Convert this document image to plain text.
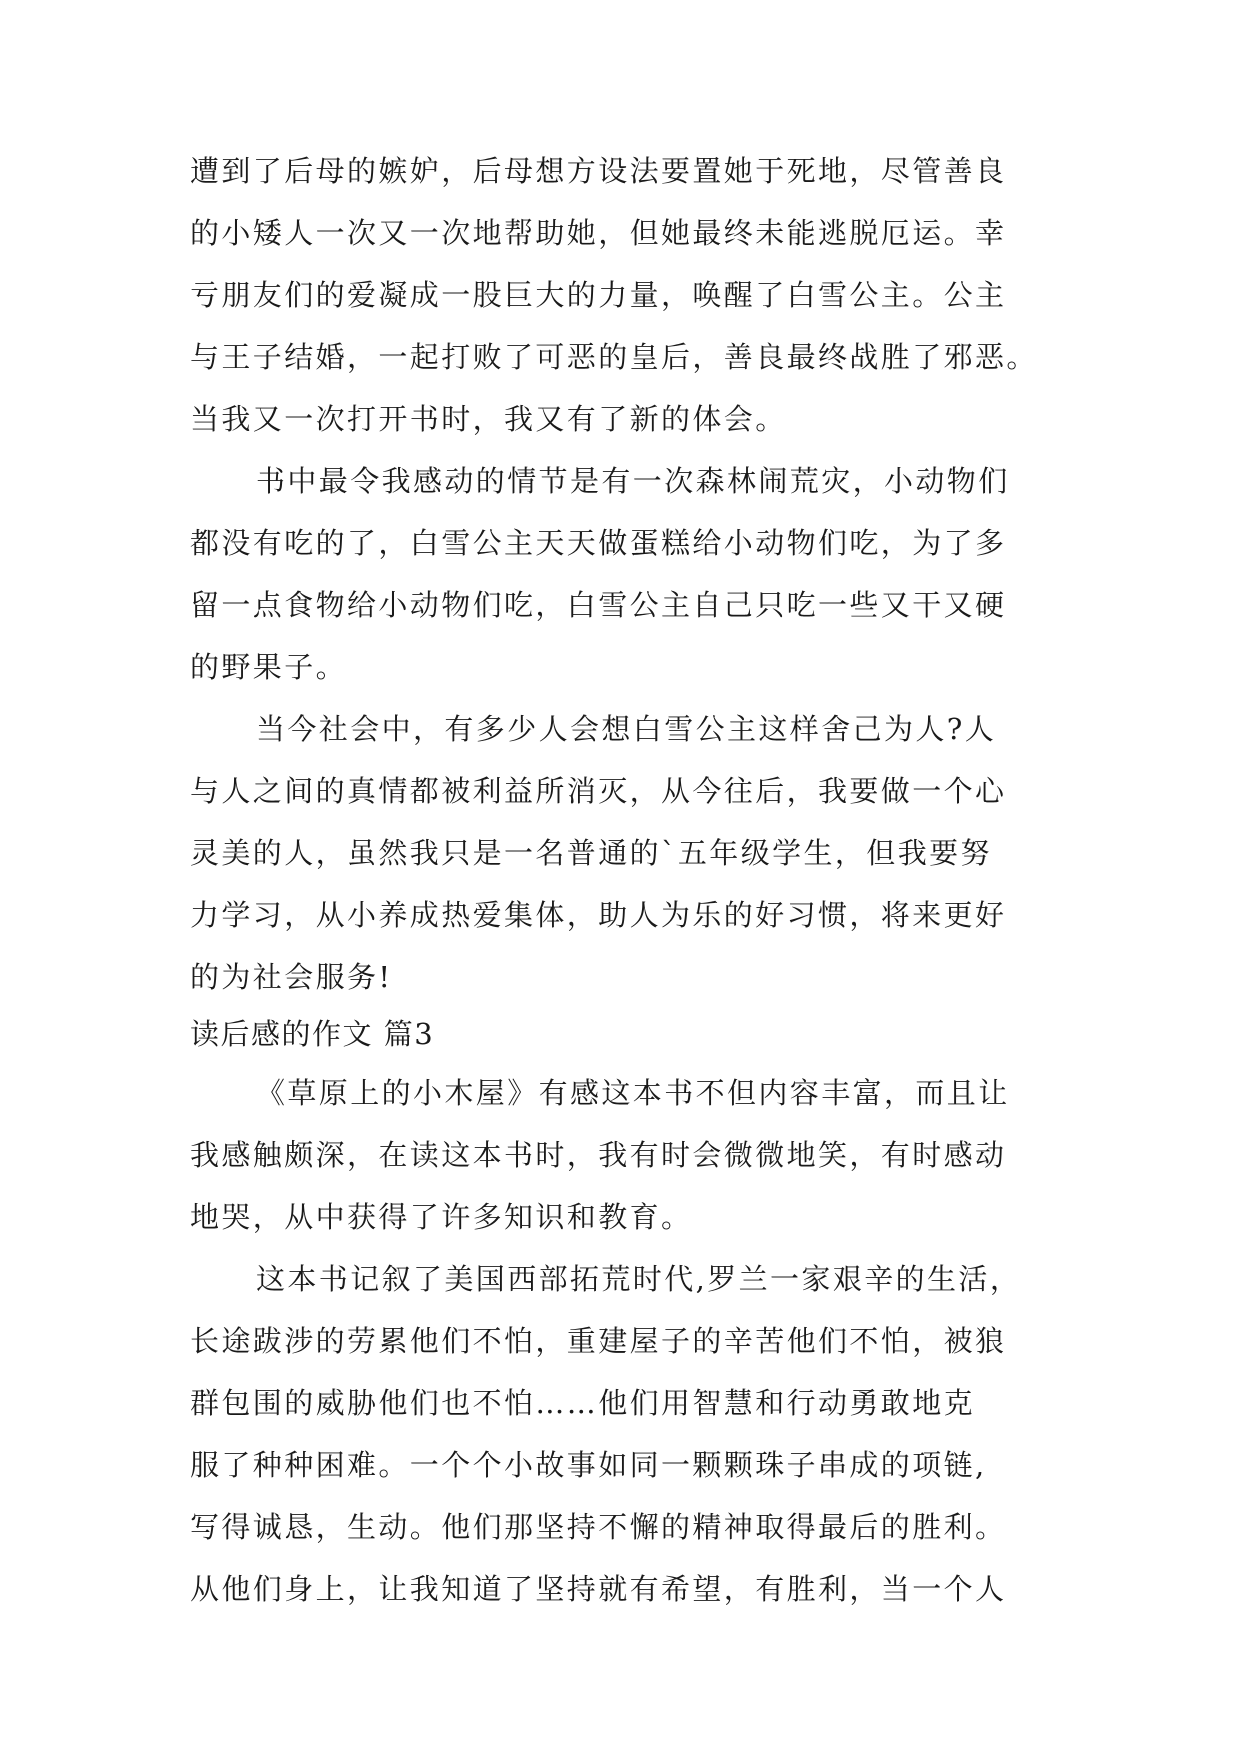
遭到了后母的嫉妒，后母想方设法要置她于死地，尽管善良
的小矮人一次又一次地帮助她，但她最终未能逃脱厄运。幸
亏朋友们的爱凝成一股巨大的力量，唤醒了白雪公主。公主
与王子结婚，一起打败了可恶的皇后，善良最终战胜了邪恶。
当我又一次打开书时，我又有了新的体会。
书中最令我感动的情节是有一次森林闹荒灾，小动物们
都没有吃的了，白雪公主天天做蛋糕给小动物们吃，为了多
留一点食物给小动物们吃，白雪公主自己只吃一些又干又硬
的野果子。
当今社会中，有多少人会想白雪公主这样舍己为人?人
与人之间的真情都被利益所消灭，从今往后，我要做一个心
灵美的人，虽然我只是一名普通的`五年级学生，但我要努
力学习，从小养成热爱集体，助人为乐的好习惯，将来更好
的为社会服务!
读后感的作文 篇3
《草原上的小木屋》有感这本书不但内容丰富，而且让
我感触颇深，在读这本书时，我有时会微微地笑，有时感动
地哭，从中获得了许多知识和教育。
这本书记叙了美国西部拓荒时代,罗兰一家艰辛的生活，
长途跋涉的劳累他们不怕，重建屋子的辛苦他们不怕，被狼
群包围的威胁他们也不怕……他们用智慧和行动勇敢地克
服了种种困难。一个个小故事如同一颗颗珠子串成的项链,
写得诚恳，生动。他们那坚持不懈的精神取得最后的胜利。
从他们身上，让我知道了坚持就有希望，有胜利，当一个人
